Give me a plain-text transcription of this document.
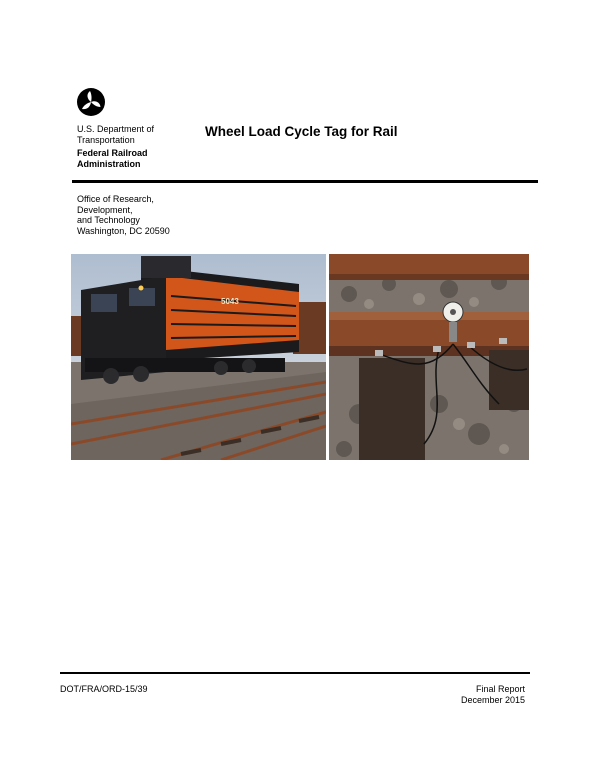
U.S. Department of
Transportation
Federal Railroad
Administration
Wheel Load Cycle Tag for Rail
Office of Research,
Development,
and Technology
Washington, DC 20590
5043
DOT/FRA/ORD-15/39	Final Report
December 2015
